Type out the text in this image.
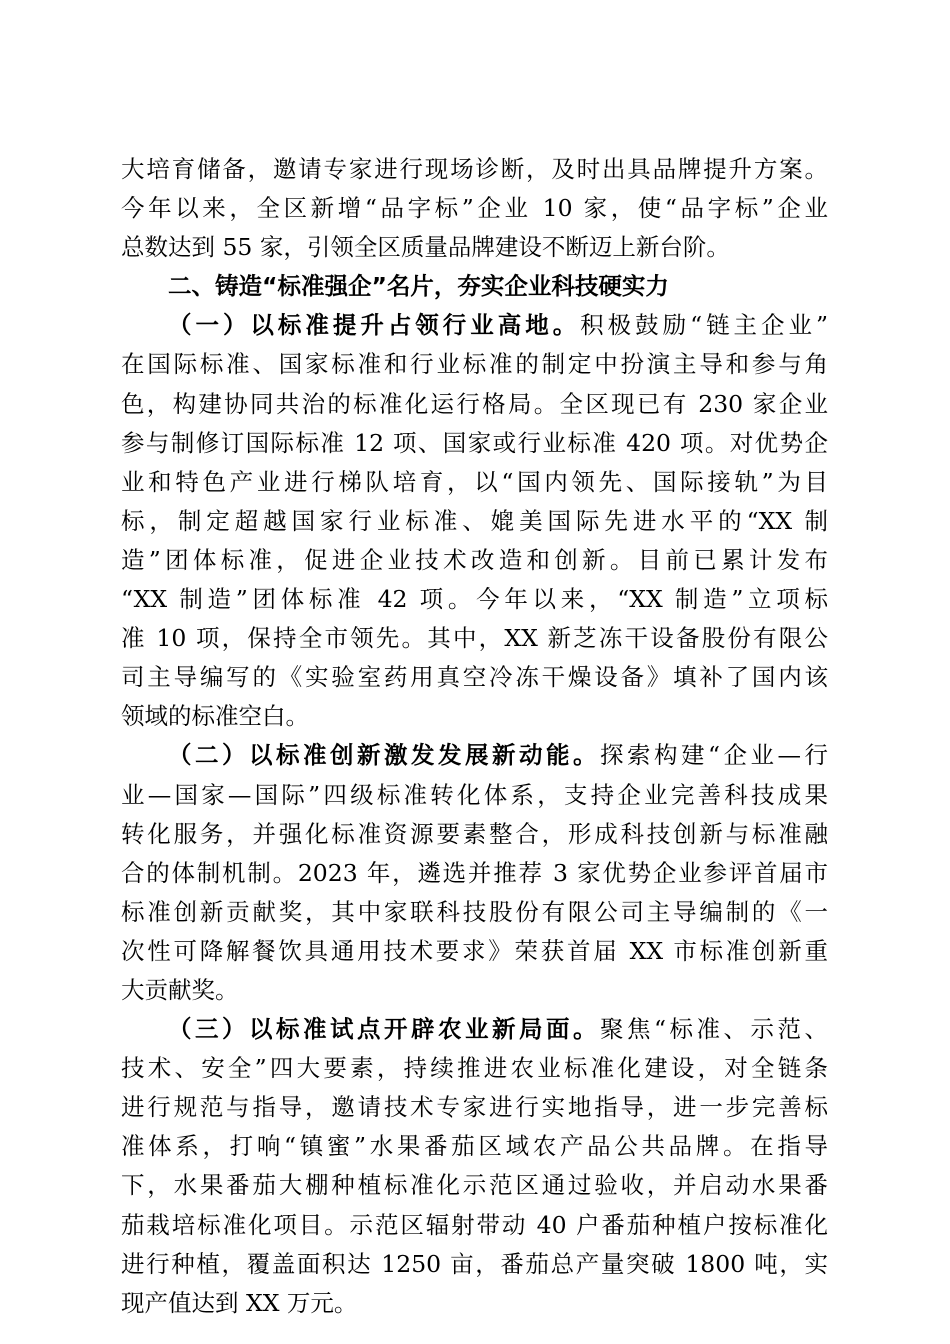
大培育储备，邀请专家进行现场诊断，及时出具品牌提升方案。
今年以来，全区新增“品字标”企业 10 家，使“品字标”企业
总数达到 55 家，引领全区质量品牌建设不断迈上新台阶。
二、铸造“标准强企”名片，夯实企业科技硬实力
（一）以标准提升占领行业高地。积极鼓励“链主企业”
在国际标准、国家标准和行业标准的制定中扮演主导和参与角
色，构建协同共治的标准化运行格局。全区现已有 230 家企业
参与制修订国际标准 12 项、国家或行业标准 420 项。对优势企
业和特色产业进行梯队培育，以“国内领先、国际接轨”为目
标，制定超越国家行业标准、媲美国际先进水平的“XX 制
造”团体标准，促进企业技术改造和创新。目前已累计发布
“XX 制造”团体标准 42 项。今年以来，“XX 制造”立项标
准 10 项，保持全市领先。其中，XX 新芝冻干设备股份有限公
司主导编写的《实验室药用真空冷冻干燥设备》填补了国内该
领域的标准空白。
（二）以标准创新激发发展新动能。探索构建“企业—行
业—国家—国际”四级标准转化体系，支持企业完善科技成果
转化服务，并强化标准资源要素整合，形成科技创新与标准融
合的体制机制。2023 年，遴选并推荐 3 家优势企业参评首届市
标准创新贡献奖，其中家联科技股份有限公司主导编制的《一
次性可降解餐饮具通用技术要求》荣获首届 XX 市标准创新重
大贡献奖。
（三）以标准试点开辟农业新局面。聚焦“标准、示范、
技术、安全”四大要素，持续推进农业标准化建设，对全链条
进行规范与指导，邀请技术专家进行实地指导，进一步完善标
准体系，打响“镇蜜”水果番茄区域农产品公共品牌。在指导
下，水果番茄大棚种植标准化示范区通过验收，并启动水果番
茄栽培标准化项目。示范区辐射带动 40 户番茄种植户按标准化
进行种植，覆盖面积达 1250 亩，番茄总产量突破 1800 吨，实
现产值达到 XX 万元。
